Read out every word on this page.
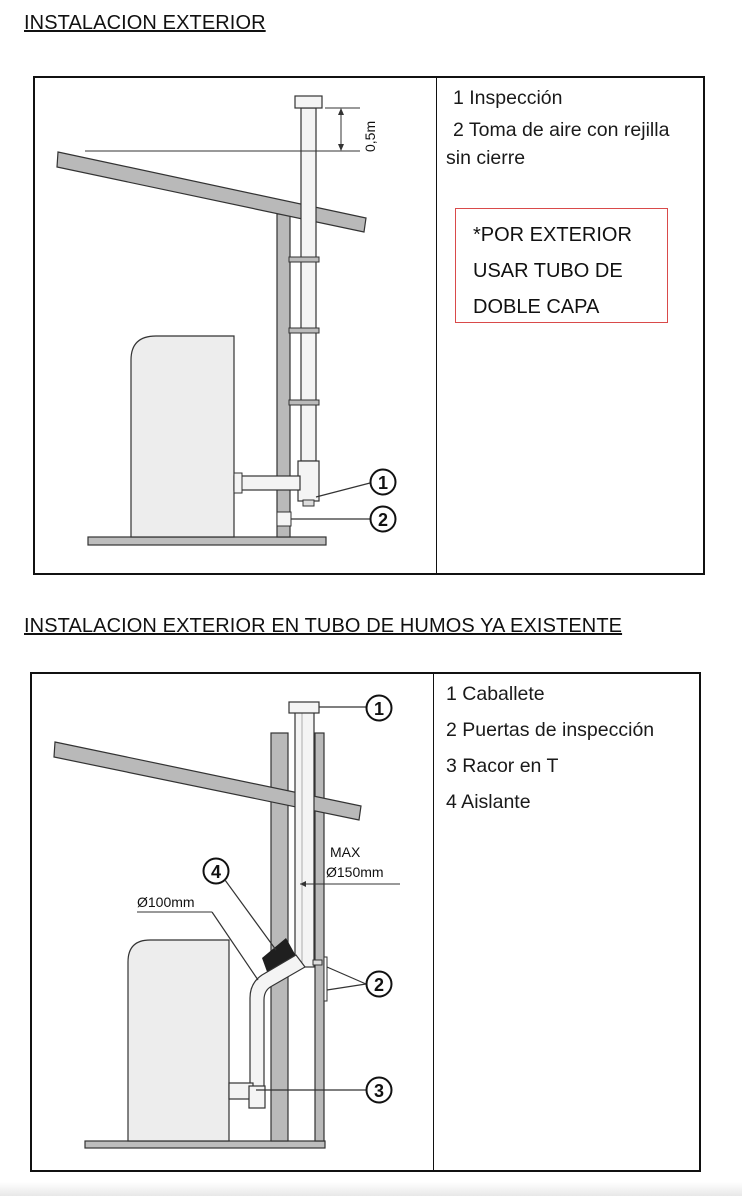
INSTALACION EXTERIOR
0,5m
1
2
1 Inspección
2 Toma de aire con rejilla
sin cierre
*POR EXTERIOR
USAR TUBO DE
DOBLE CAPA
INSTALACION EXTERIOR EN TUBO DE HUMOS YA EXISTENTE
1
MAX
Ø150mm
4
Ø100mm
2
3
1 Caballete
2 Puertas de inspección
3 Racor en T
4 Aislante
